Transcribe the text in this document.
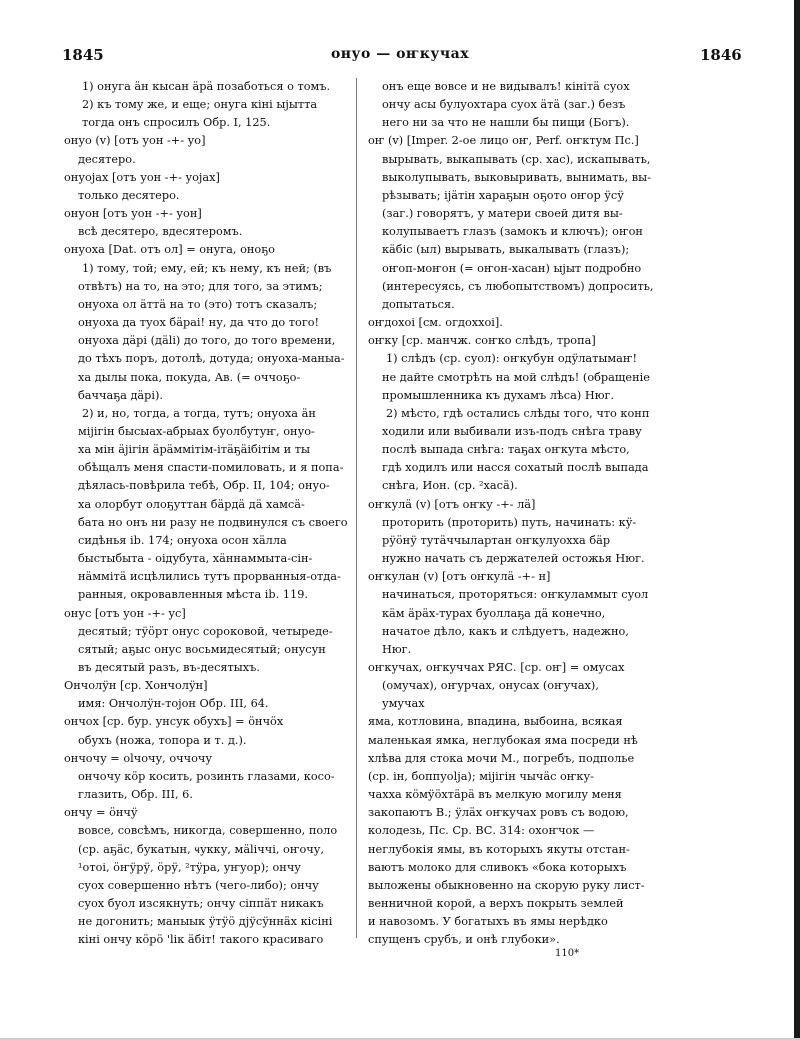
1845	онуо — оҥкучах	1846
1) онуга ӓн кысан ӓрӓ позаботься о томъ.
2) къ тому же, и еще; онуга кіні ыјытта
тогда онъ спросилъ Обр. I, 125.
онуо (v) [отъ уон -+- уо]
десятеро.
онуојах [отъ уон -+- уојах]
только десятеро.
онуон [отъ уон -+- уон]
всѣ десятеро, вдесятеромъ.
онуоха [Dat. отъ ол] = онуга, оноҕо
1) тому, той; ему, ей; къ нему, къ ней; (въ
отвѣтъ) на то, на это; для того, за этимъ;
онуоха ол ӓттӓ на то (это) тотъ сказалъ;
онуоха да туох бӓраі! ну, да что до того!
онуоха дӓрі (дӓlі) до того, до того времени,
до тѣхъ поръ, дотолѣ, дотуда; онуоха-маныа-
ха дылы пока, покуда, Ав. (= оччоҕо-
баччаҕа дӓрі).
2) и, но, тогда, а тогда, тутъ; онуоха ӓн
міјігін бысыах-абрыах буолбутуҥ, онуо-
ха мін ӓјігін ӓрӓммітім-ітӓҕӓібітім и ты
обѣщалъ меня спасти-помиловать, и я попа-
дѣялась-повѣрила тебѣ, Обр. II, 104; онуо-
ха олорбут олоҕуттан бӓрдӓ дӓ хамсӓ-
бата но онъ ни разу не подвинулся съ своего
сидѣнья ib. 174; онуоха осон хӓлла
быстыбыта - оідубута, хӓннаммыта-сін-
нӓммітӓ исцѣлились тутъ прорванныя-отда-
ранныя, окровавленныя мѣста ib. 119.
онус [отъ уон -+- ус]
десятый; тӱӧрт онус сороковой, четыреде-
сятый; аҕыс онус восьмидесятый; онусун
въ десятый разъ, въ-десятыхъ.
Ончолӱн [ср. Хончолӱн]
имя: Ончолӱн-тојон Обр. III, 64.
ончох [ср. бур. унсук обухъ] = ӧнчӧх
обухъ (ножа, топора и т. д.).
ончочу = оlчочу, оччочу
ончочу кӧр косить, розинть глазами, косо-
глазить, Обр. III, 6.
ончу = ӧнчӱ
вовсе, совсѣмъ, никогда, совершенно, поло
(ср. аҕӓс, букатын, ҹукку, мӓlіччі, оҥочу,
¹отоі, ӧҥӱрӱ, ӧрӱ, ²тӱра, уҥуор); ончу
суох совершенно нѣтъ (чего-либо); ончу
суох буол изсякнуть; ончу сіппӓт никакъ
не догонить; маныык ӱтӱӧ дјӱсӱннӓх кісіні
кіні ончу кӧрӧ 'lік ӓбіт! такого красиваго
онъ еще вовсе и не видывалъ! кінітӓ суох
ончу асы булуохтара суох ӓтӓ (заг.) безъ
него ни за что не нашли бы пищи (Богъ).
оҥ (v) [Imper. 2-ое лицо оҥ, Perf. оҥктум Пс.]
вырывать, выкапывать (ср. хас), искапывать,
выколупывать, выковыривать, вынимать, вы-
рѣзывать; іјӓтін хараҕын оҕото оҥор ӱсӱ
(заг.) говорятъ, у матери своей дитя вы-
колупываетъ глазъ (замокъ и ключъ); оҥон
кӓбіс (ыл) вырывать, выкалывать (глазъ);
оҥоп-моҥон (= оҥон-хасан) ыјыт подробно
(интересуясь, съ любопытствомъ) допросить,
допытаться.
оҥдохоі [см. огдоххоі].
оҥку [ср. манчж. соҥко слѣдъ, тропа]
1) слѣдъ (ср. суол): оҥкубун одӱлатымаҥ!
не дайте смотрѣть на мой слѣдъ! (обращеніе
промышленника къ духамъ лѣса) Нюг.
2) мѣсто, гдѣ остались слѣды того, что конп
ходили или выбивали изъ-подъ снѣга траву
послѣ выпада снѣга: таҕах оҥкута мѣсто,
гдѣ ходилъ или насся сохатый послѣ выпада
снѣга, Ион. (ср. ²хасӓ).
оҥкулӓ (v) [отъ оҥку -+- лӓ]
проторить (проторить) путь, начинать: кӱ-
рӱӧнӱ тутӓччылартан оҥкулуоххa бӓр
нужно начать съ держателей остожья Нюг.
оҥкулан (v) [отъ оҥкулӓ -+- н]
начинаться, проторяться: оҥкуламмыт суол
кӓм ӓрӓх-турах буоллаҕа дӓ конечно,
начатое дѣло, какъ и слѣдуетъ, надежно,
Нюг.
оҥкучах, оҥкуччах РЯС. [ср. оҥ] = омусах
(омучах), оҥурчах, онусах (оҥучах),
умучах
яма, котловина, впадина, выбоина, всякая
маленькая ямка, неглубокая яма посреди нѣ
хлѣва для стока мочи М., погребъ, подполье
(ср. ін, боппуоlја); міјігін чычӓс оҥку-
чахха кӧмӱӧхтӓрӓ въ мелкую могилу меня
закопаютъ В.; ӱлӓх оҥкучах ровъ съ водою,
колодезь, Пс. Ср. ВС. 314: охоҥчок —
неглубокія ямы, въ которыхъ якуты отстан-
ваютъ молоко для сливокъ «бока которыхъ
выложены обыкновенно на скорую руку лист-
венничной корой, а верхъ покрыть землей
и навозомъ. У богатыхъ въ ямы нерѣдко
спущенъ срубъ, и онѣ глубоки».
110*
